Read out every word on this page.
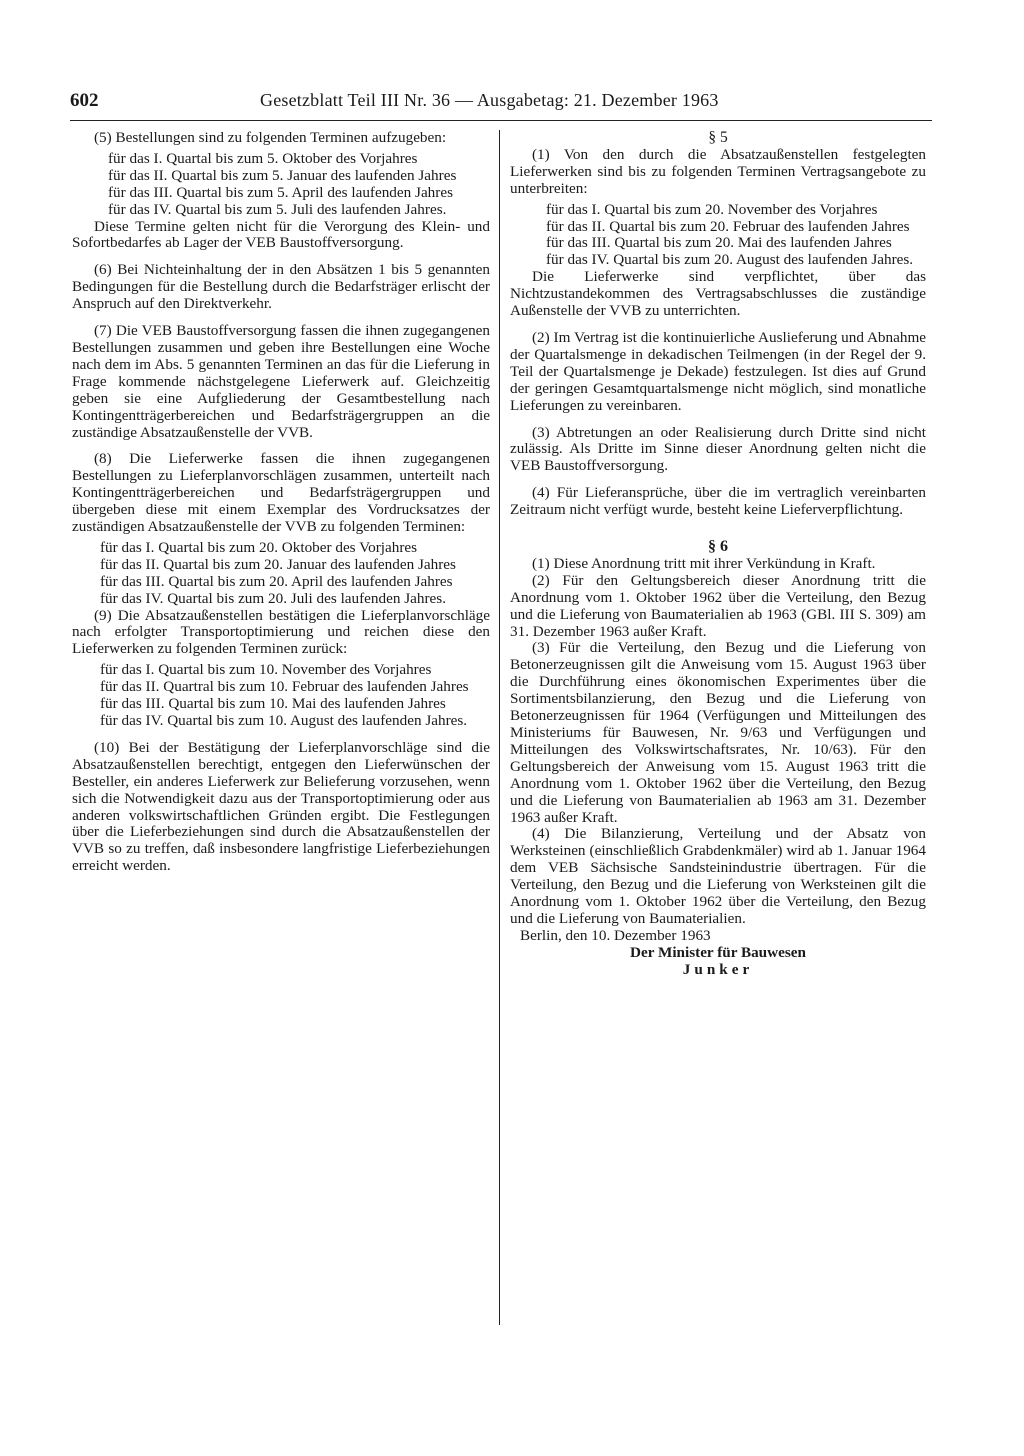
602	Gesetzblatt Teil III Nr. 36 — Ausgabetag: 21. Dezember 1963

(5) Bestellungen sind zu folgenden Terminen aufzugeben:

für das I. Quartal bis zum 5. Oktober des Vorjahres

für das II. Quartal bis zum 5. Januar des laufenden Jahres

für das III. Quartal bis zum 5. April des laufenden Jahres

für das IV. Quartal bis zum 5. Juli des laufenden Jahres.

Diese Termine gelten nicht für die Verorgung des Klein- und Sofortbedarfes ab Lager der VEB Baustoffversorgung.

(6) Bei Nichteinhaltung der in den Absätzen 1 bis 5 genannten Bedingungen für die Bestellung durch die Bedarfsträger erlischt der Anspruch auf den Direktverkehr.

(7) Die VEB Baustoffversorgung fassen die ihnen zugegangenen Bestellungen zusammen und geben ihre Bestellungen eine Woche nach dem im Abs. 5 genannten Terminen an das für die Lieferung in Frage kommende nächstgelegene Lieferwerk auf. Gleichzeitig geben sie eine Aufgliederung der Gesamtbestellung nach Kontingentträgerbereichen und Bedarfsträgergruppen an die zuständige Absatzaußenstelle der VVB.

(8) Die Lieferwerke fassen die ihnen zugegangenen Bestellungen zu Lieferplanvorschlägen zusammen, unterteilt nach Kontingentträgerbereichen und Bedarfsträgergruppen und übergeben diese mit einem Exemplar des Vordrucksatzes der zuständigen Absatzaußenstelle der VVB zu folgenden Terminen:

für das I. Quartal bis zum 20. Oktober des Vorjahres

für das II. Quartal bis zum 20. Januar des laufenden Jahres

für das III. Quartal bis zum 20. April des laufenden Jahres

für das IV. Quartal bis zum 20. Juli des laufenden Jahres.

(9) Die Absatzaußenstellen bestätigen die Lieferplanvorschläge nach erfolgter Transportoptimierung und reichen diese den Lieferwerken zu folgenden Terminen zurück:

für das I. Quartal bis zum 10. November des Vorjahres

für das II. Quartral bis zum 10. Februar des laufenden Jahres

für das III. Quartal bis zum 10. Mai des laufenden Jahres

für das IV. Quartal bis zum 10. August des laufenden Jahres.

(10) Bei der Bestätigung der Lieferplanvorschläge sind die Absatzaußenstellen berechtigt, entgegen den Lieferwünschen der Besteller, ein anderes Lieferwerk zur Belieferung vorzusehen, wenn sich die Notwendigkeit dazu aus der Transportoptimierung oder aus anderen volkswirtschaftlichen Gründen ergibt. Die Festlegungen über die Lieferbeziehungen sind durch die Absatzaußenstellen der VVB so zu treffen, daß insbesondere langfristige Lieferbeziehungen erreicht werden.

§ 5

(1) Von den durch die Absatzaußenstellen festgelegten Lieferwerken sind bis zu folgenden Terminen Vertragsangebote zu unterbreiten:

für das I. Quartal bis zum 20. November des Vorjahres

für das II. Quartal bis zum 20. Februar des laufenden Jahres

für das III. Quartal bis zum 20. Mai des laufenden Jahres

für das IV. Quartal bis zum 20. August des laufenden Jahres.

Die Lieferwerke sind verpflichtet, über das Nichtzustandekommen des Vertragsabschlusses die zuständige Außenstelle der VVB zu unterrichten.

(2) Im Vertrag ist die kontinuierliche Auslieferung und Abnahme der Quartalsmenge in dekadischen Teilmengen (in der Regel der 9. Teil der Quartalsmenge je Dekade) festzulegen. Ist dies auf Grund der geringen Gesamtquartalsmenge nicht möglich, sind monatliche Lieferungen zu vereinbaren.

(3) Abtretungen an oder Realisierung durch Dritte sind nicht zulässig. Als Dritte im Sinne dieser Anordnung gelten nicht die VEB Baustoffversorgung.

(4) Für Lieferansprüche, über die im vertraglich vereinbarten Zeitraum nicht verfügt wurde, besteht keine Lieferverpflichtung.

§ 6

(1) Diese Anordnung tritt mit ihrer Verkündung in Kraft.

(2) Für den Geltungsbereich dieser Anordnung tritt die Anordnung vom 1. Oktober 1962 über die Verteilung, den Bezug und die Lieferung von Baumaterialien ab 1963 (GBl. III S. 309) am 31. Dezember 1963 außer Kraft.

(3) Für die Verteilung, den Bezug und die Lieferung von Betonerzeugnissen gilt die Anweisung vom 15. August 1963 über die Durchführung eines ökonomischen Experimentes über die Sortimentsbilanzierung, den Bezug und die Lieferung von Betonerzeugnissen für 1964 (Verfügungen und Mitteilungen des Ministeriums für Bauwesen, Nr. 9/63 und Verfügungen und Mitteilungen des Volkswirtschaftsrates, Nr. 10/63). Für den Geltungsbereich der Anweisung vom 15. August 1963 tritt die Anordnung vom 1. Oktober 1962 über die Verteilung, den Bezug und die Lieferung von Baumaterialien ab 1963 am 31. Dezember 1963 außer Kraft.

(4) Die Bilanzierung, Verteilung und der Absatz von Werksteinen (einschließlich Grabdenkmäler) wird ab 1. Januar 1964 dem VEB Sächsische Sandsteinindustrie übertragen. Für die Verteilung, den Bezug und die Lieferung von Werksteinen gilt die Anordnung vom 1. Oktober 1962 über die Verteilung, den Bezug und die Lieferung von Baumaterialien.

Berlin, den 10. Dezember 1963

Der Minister für Bauwesen

Junker
